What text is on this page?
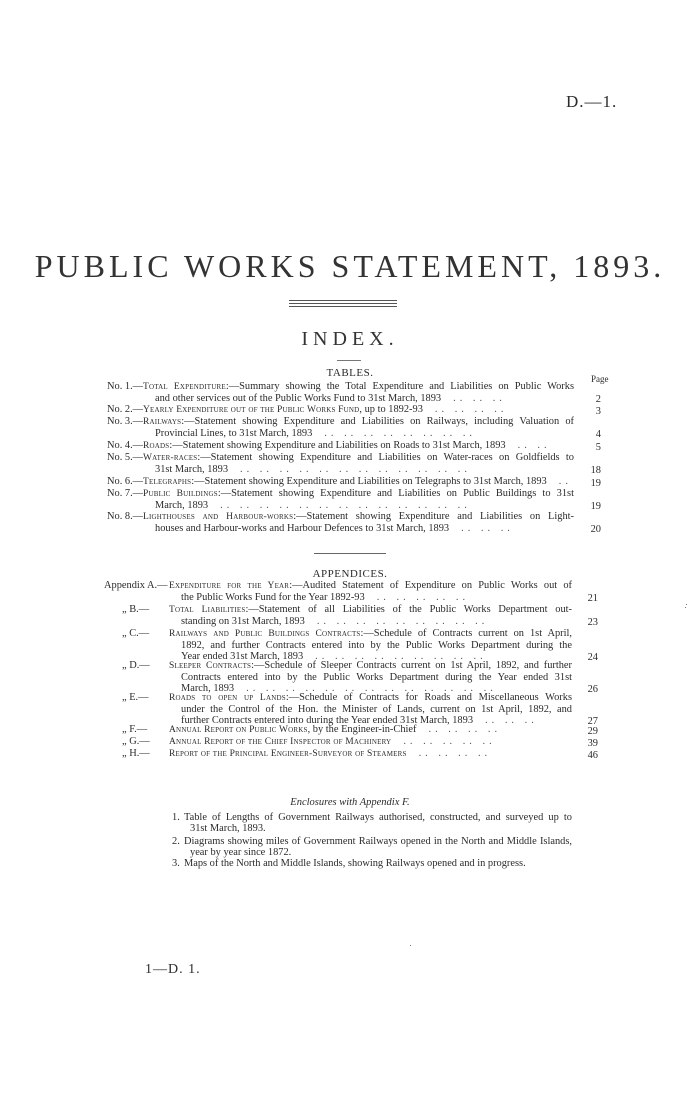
D.—1.
PUBLIC WORKS STATEMENT, 1893.
INDEX.
TABLES.	Page
No. 1.— Total Expenditure:—Summary showing the Total Expenditure and Liabilities on Public Works
and other services out of the Public Works Fund to 31st March, 1893 .. .. ..	2
No. 2.— Yearly Expenditure out of the Public Works Fund, up to 1892-93 .. .. .. ..	3
No. 3.— Railways:—Statement showing Expenditure and Liabilities on Railways, including Valuation of
Provincial Lines, to 31st March, 1893 .. .. .. .. .. .. .. ..	4
No. 4.— Roads:—Statement showing Expenditure and Liabilities on Roads to 31st March, 1893 .. ..	5
No. 5.— Water-races:—Statement showing Expenditure and Liabilities on Water-races on Goldfields to
31st March, 1893 .. .. .. .. .. .. .. .. .. .. .. ..	18
No. 6.— Telegraphs:—Statement showing Expenditure and Liabilities on Telegraphs to 31st March, 1893 ..	19
No. 7.— Public Buildings:—Statement showing Expenditure and Liabilities on Public Buildings to 31st
March, 1893 .. .. .. .. .. .. .. .. .. .. .. .. ..	19
No. 8.— Lighthouses and Harbour-works:—Statement showing Expenditure and Liabilities on Light-
houses and Harbour-works and Harbour Defences to 31st March, 1893 .. .. ..	20
APPENDICES.
Appendix A.— Expenditure for the Year:—Audited Statement of Expenditure on Public Works out of
the Public Works Fund for the Year 1892-93 .. .. .. .. ..	21
„ B.— Total Liabilities:—Statement of all Liabilities of the Public Works Department out-
standing on 31st March, 1893 .. .. .. .. .. .. .. .. ..	23
„ C.— Railways and Public Buildings Contracts:—Schedule of Contracts current on 1st April,
1892, and further Contracts entered into by the Public Works Department during the
Year ended 31st March, 1893 .. .. .. .. .. .. .. .. ..	24
„ D.— Sleeper Contracts:—Schedule of Sleeper Contracts current on 1st April, 1892, and further
Contracts entered into by the Public Works Department during the Year ended 31st
March, 1893 .. .. .. .. .. .. .. .. .. .. .. .. ..	26
„ E.— Roads to open up Lands:—Schedule of Contracts for Roads and Miscellaneous Works
under the Control of the Hon. the Minister of Lands, current on 1st April, 1892, and
further Contracts entered into during the Year ended 31st March, 1893 .. .. ..	27
„ F.— Annual Report on Public Works, by the Engineer-in-Chief .. .. .. ..	29
„ G.— Annual Report of the Chief Inspector of Machinery .. .. .. .. ..	39
„ H.— Report of the Principal Engineer-Surveyor of Steamers .. .. .. ..	46
Enclosures with Appendix F.
1. Table of Lengths of Government Railways authorised, constructed, and surveyed up to
31st March, 1893.
2. Diagrams showing miles of Government Railways opened in the North and Middle Islands,
year by year since 1872.
3. Maps of the North and Middle Islands, showing Railways opened and in progress.
1—D. 1.
